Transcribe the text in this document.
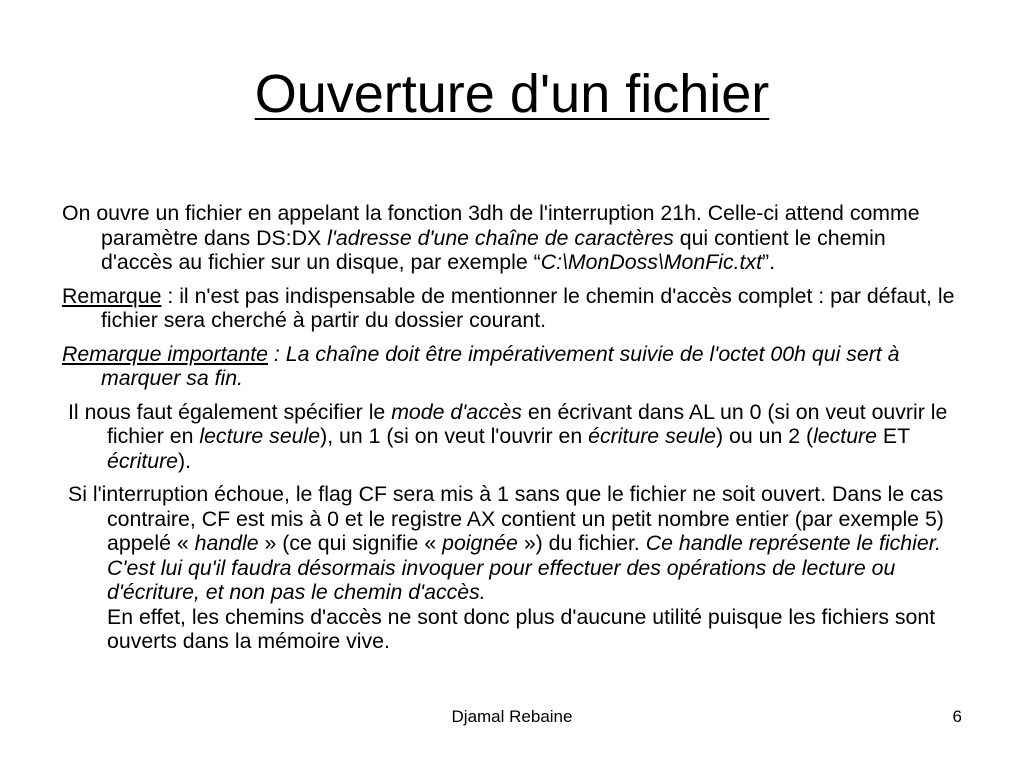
Ouverture d'un fichier

On ouvre un fichier en appelant la fonction 3dh de l'interruption 21h. Celle-ci attend comme paramètre dans DS:DX l'adresse d'une chaîne de caractères qui contient le chemin d'accès au fichier sur un disque, par exemple “C:\MonDoss\MonFic.txt”.

Remarque : il n'est pas indispensable de mentionner le chemin d'accès complet : par défaut, le fichier sera cherché à partir du dossier courant.

Remarque importante : La chaîne doit être impérativement suivie de l'octet 00h qui sert à marquer sa fin.

Il nous faut également spécifier le mode d'accès en écrivant dans AL un 0 (si on veut ouvrir le fichier en lecture seule), un 1 (si on veut l'ouvrir en écriture seule) ou un 2 (lecture ET écriture).

Si l'interruption échoue, le flag CF sera mis à 1 sans que le fichier ne soit ouvert. Dans le cas contraire, CF est mis à 0 et le registre AX contient un petit nombre entier (par exemple 5) appelé « handle » (ce qui signifie « poignée ») du fichier. Ce handle représente le fichier. C'est lui qu'il faudra désormais invoquer pour effectuer des opérations de lecture ou d'écriture, et non pas le chemin d'accès.
En effet, les chemins d'accès ne sont donc plus d'aucune utilité puisque les fichiers sont ouverts dans la mémoire vive.

Djamal Rebaine	6
